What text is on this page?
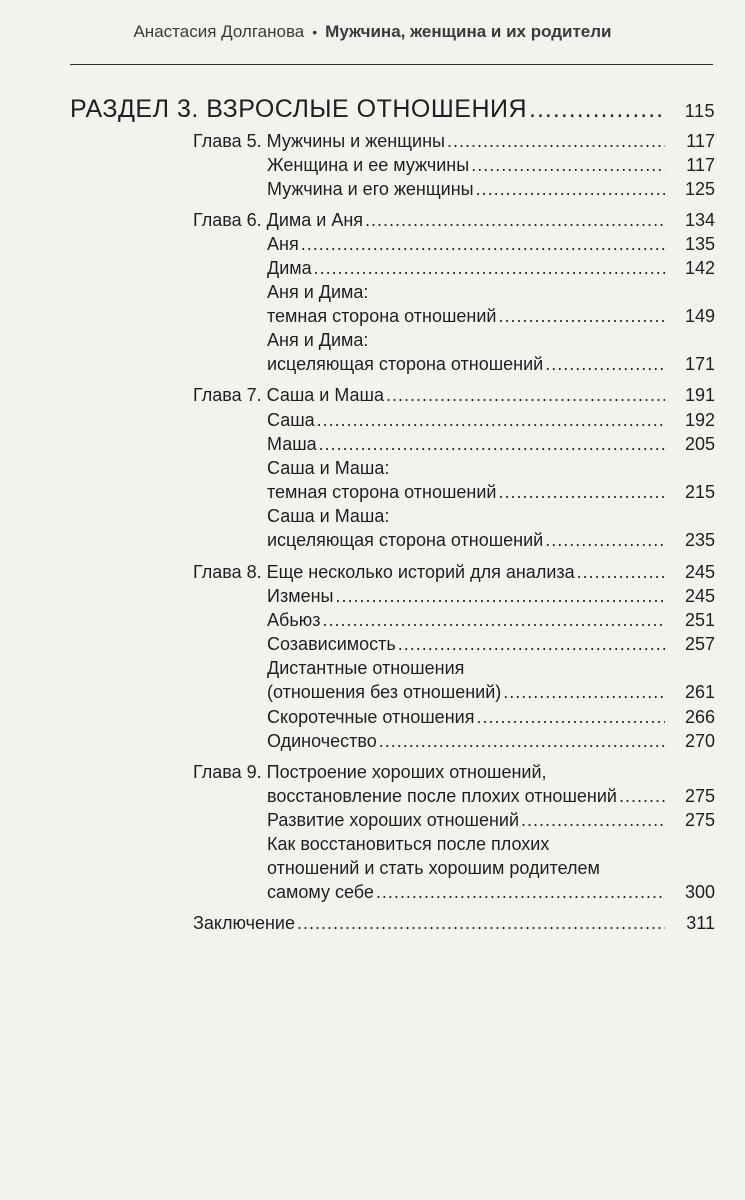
Анастасия Долганова • Мужчина, женщина и их родители
РАЗДЕЛ 3. ВЗРОСЛЫЕ ОТНОШЕНИЯ .....	115
Глава 5. Мужчины и женщины .....	117
Женщина и ее мужчины .....	117
Мужчина и его женщины .....	125
Глава 6. Дима и Аня .....	134
Аня .....	135
Дима .....	142
Аня и Дима:
темная сторона отношений .....	149
Аня и Дима:
исцеляющая сторона отношений .....	171
Глава 7. Саша и Маша .....	191
Саша .....	192
Маша .....	205
Саша и Маша:
темная сторона отношений .....	215
Саша и Маша:
исцеляющая сторона отношений .....	235
Глава 8. Еще несколько историй для анализа .....	245
Измены .....	245
Абьюз .....	251
Созависимость .....	257
Дистантные отношения
(отношения без отношений) .....	261
Скоротечные отношения .....	266
Одиночество .....	270
Глава 9. Построение хороших отношений,
восстановление после плохих отношений .....	275
Развитие хороших отношений .....	275
Как восстановиться после плохих
отношений и стать хорошим родителем
самому себе .....	300
Заключение .....	311
